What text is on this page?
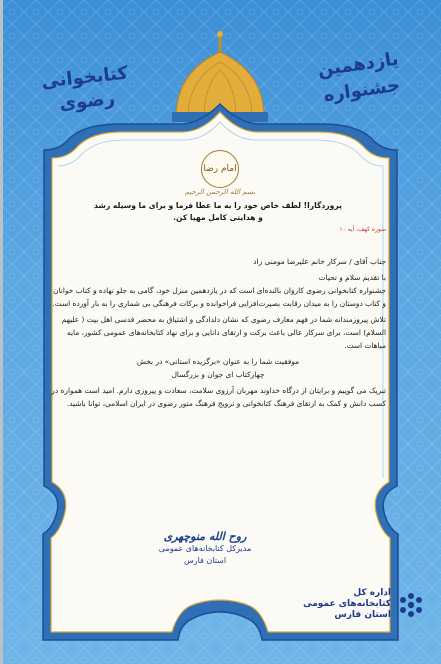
یازدهمین
جشنواره
کتابخوانی
رضوی
امام رضا
بسم الله الرحمن الرحیم

پروردگارا! لطف خاص خود را به ما عطا فرما و برای ما وسیله رشد

و هدایتی کامل مهیا کن.

سوره کهف، آیه ۱۰

جناب آقای / سرکار خانم علیرضا مومنی راد

با تقدیم سلام و تحیات

جشنواره کتابخوانی رضوی کاروان بالنده‌ای است که در یازدهمین منزل خود، گامی به جلو نهاده و کتاب خوانان و کتاب دوستان را به میدان رقابت بصیرت‌افزایی فراخوانده و برکات فرهنگی بی شماری را به بار آورده است.

تلاش پیروزمندانه شما در فهم معارف رضوی که نشان دلدادگی و اشتیاق به محضر قدسی اهل بیت ( علیهم السلام) است، برای سرکار عالی باعث برکت و ارتقای دانایی و برای نهاد کتابخانه‌های عمومی کشور، مایه مباهات است.

موفقیت شما را به عنوان «برگزیده استانی» در بخش

چهارکتاب ای جوان و بزرگسال

تبریک می گوییم و برایتان از درگاه خداوند مهربان آرزوی سلامت، سعادت و پیروزی دارم. امید است همواره در کسب دانش و کمک به ارتقای فرهنگ کتابخوانی و ترویج فرهنگ متور رضوی در ایران اسلامی، توانا باشید.

روح الله منوچهری
مدیرکل کتابخانه‌های عمومی
استان فارس
اداره کل
کتابخانه‌های عمومی
استان فارس
